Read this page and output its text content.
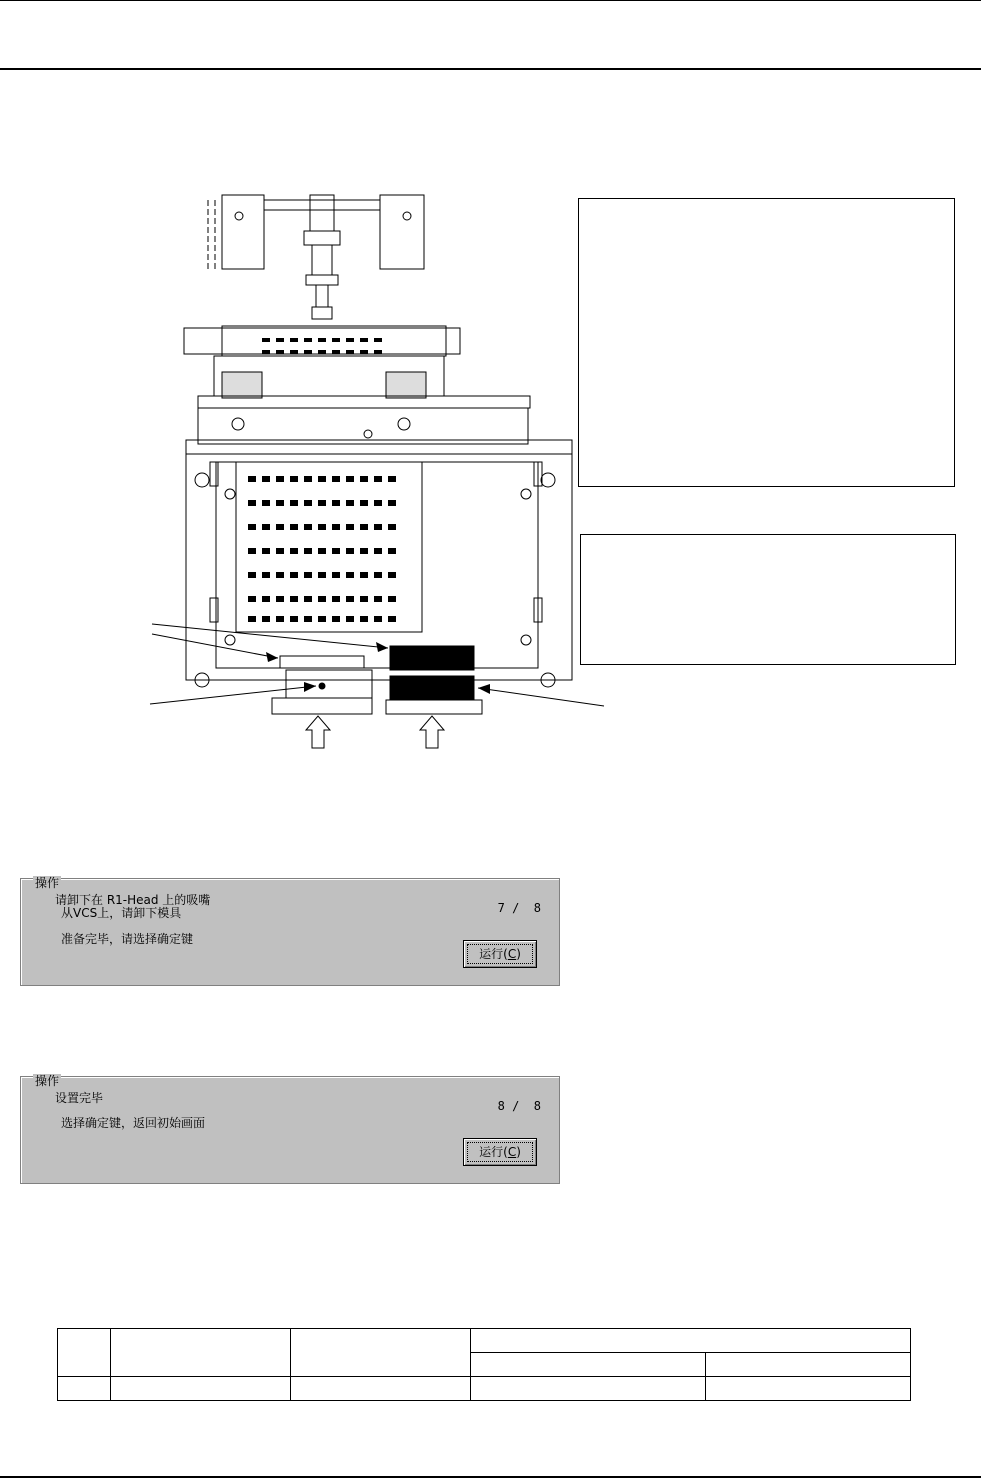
操作
请卸下在 R1-Head 上的吸嘴
从VCS上，请卸下模具
准备完毕，请选择确定键
7 /  8
运行(C)
操作
设置完毕
选择确定键，返回初始画面
8 /  8
运行(C)
